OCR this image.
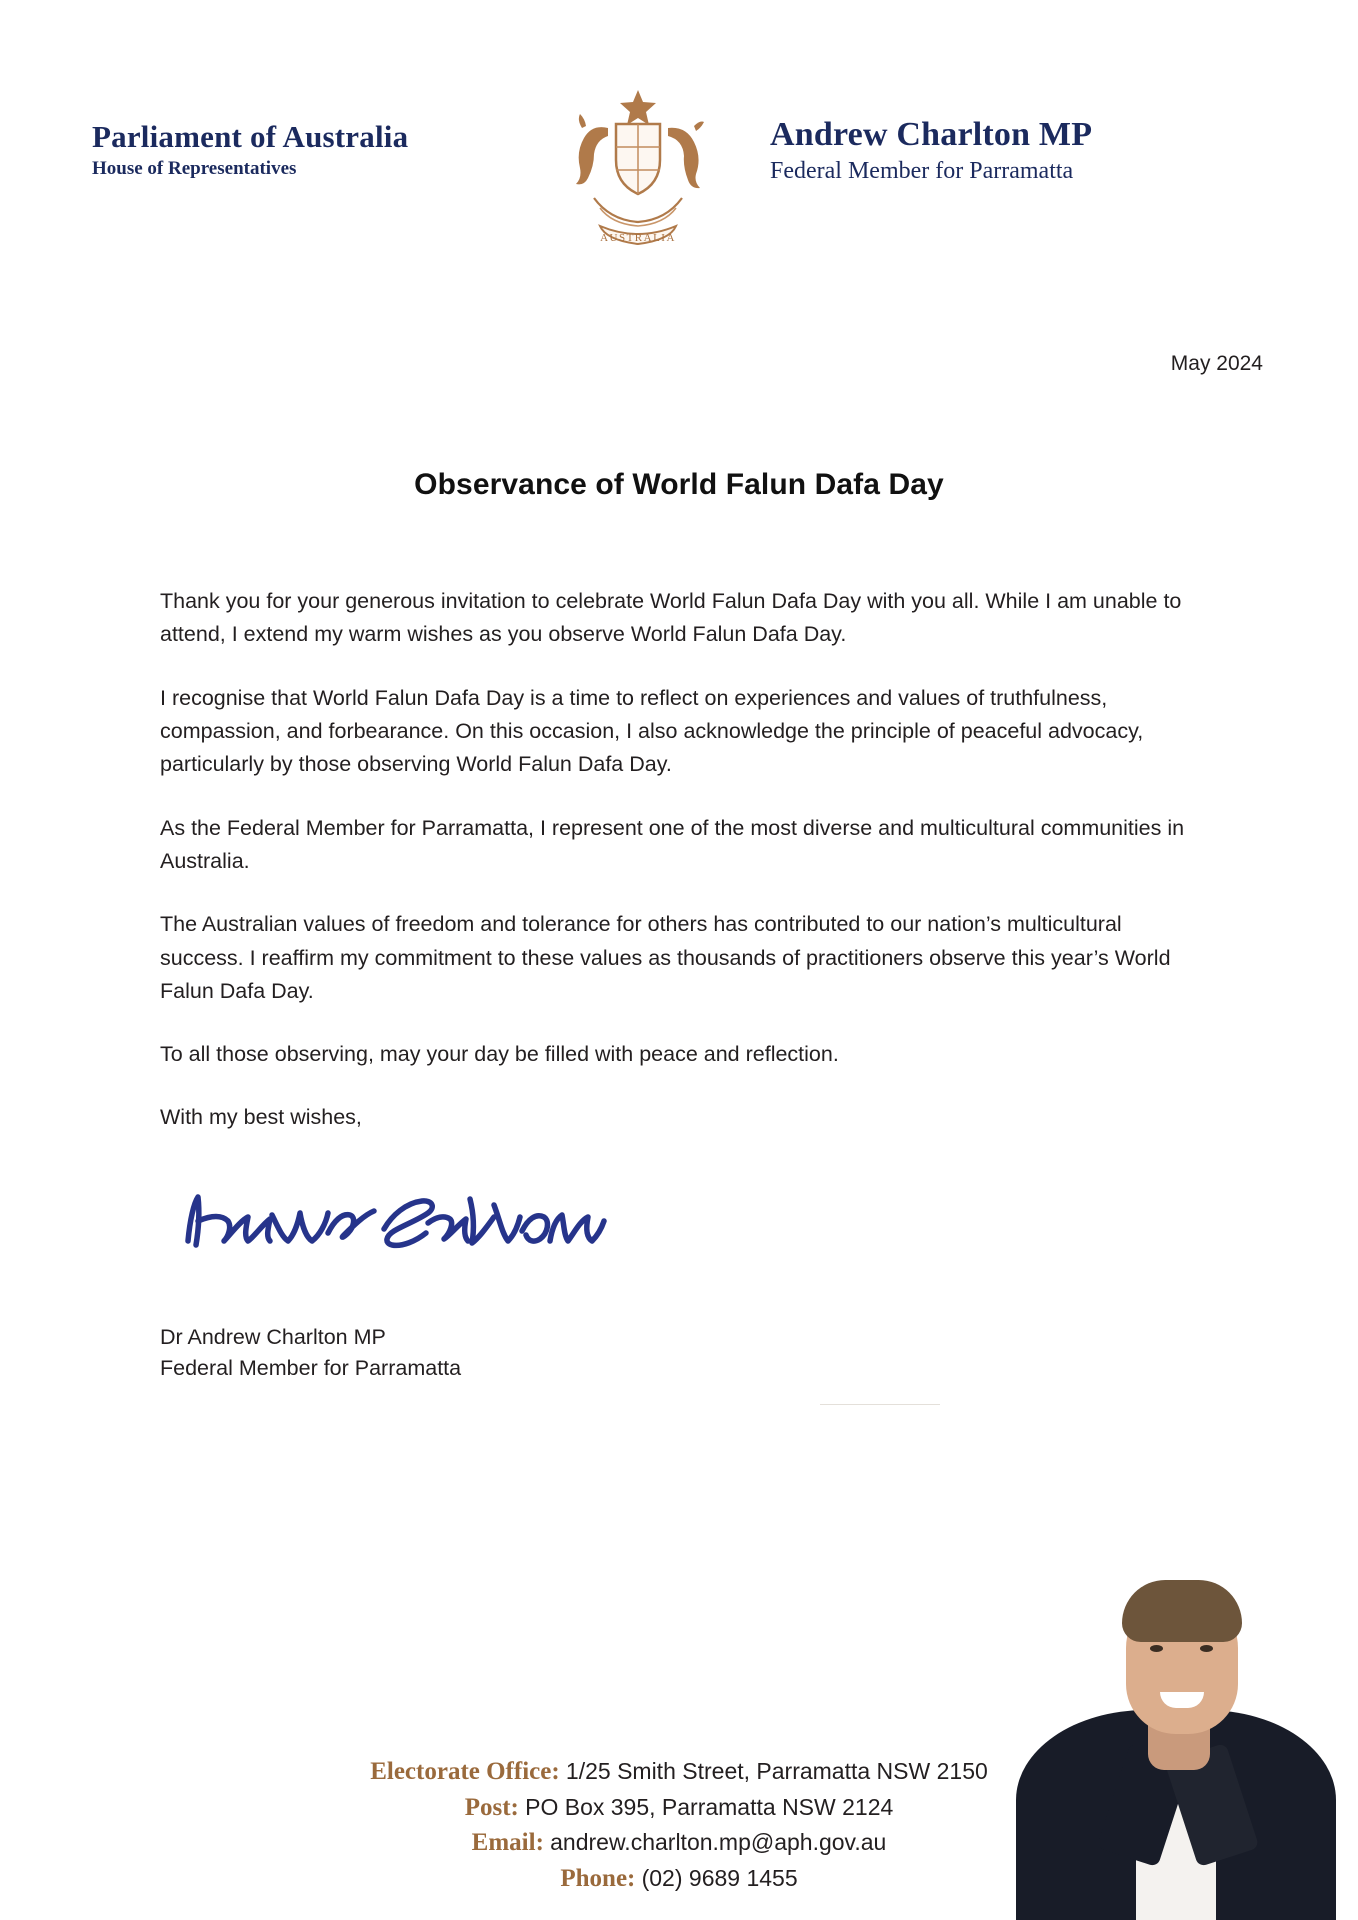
Parliament of Australia
House of Representatives
AUSTRALIA
Andrew Charlton MP
Federal Member for Parramatta
May 2024
Observance of World Falun Dafa Day

Thank you for your generous invitation to celebrate World Falun Dafa Day with you all. While I am unable to attend, I extend my warm wishes as you observe World Falun Dafa Day.

I recognise that World Falun Dafa Day is a time to reflect on experiences and values of truthfulness, compassion, and forbearance. On this occasion, I also acknowledge the principle of peaceful advocacy, particularly by those observing World Falun Dafa Day.

As the Federal Member for Parramatta, I represent one of the most diverse and multicultural communities in Australia.

The Australian values of freedom and tolerance for others has contributed to our nation’s multicultural success. I reaffirm my commitment to these values as thousands of practitioners observe this year’s World Falun Dafa Day.

To all those observing, may your day be filled with peace and reflection.

With my best wishes,

Dr Andrew Charlton MP
Federal Member for Parramatta
Electorate Office: 1/25 Smith Street, Parramatta NSW 2150
Post: PO Box 395, Parramatta NSW 2124
Email: andrew.charlton.mp@aph.gov.au
Phone: (02) 9689 1455
